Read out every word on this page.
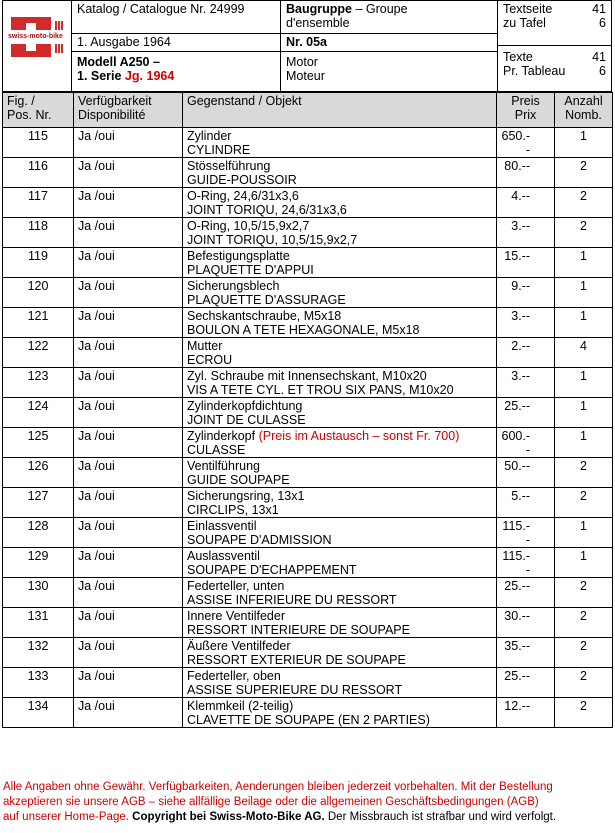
swiss-moto-bike
Katalog / Catalogue Nr. 24999
1. Ausgabe 1964
Modell A250 –
1. Serie Jg. 1964
Baugruppe – Groupe
d'ensemble
Nr. 05a
Motor
Moteur
Textseite	41
zu Tafel	6
Texte	41
Pr. Tableau	6
Fig. /
Pos. Nr.	Verfügbarkeit
Disponibilité	Gegenstand / Objekt	Preis
Prix	Anzahl
Nomb.
115	Ja /oui	Zylinder
CYLINDRE	650.--	1
116	Ja /oui	Stösselführung
GUIDE-POUSSOIR	80.--	2
117	Ja /oui	O-Ring, 24,6/31x3,6
JOINT TORIQU, 24,6/31x3,6	4.--	2
118	Ja /oui	O-Ring, 10,5/15,9x2,7
JOINT TORIQU, 10,5/15,9x2,7	3.--	2
119	Ja /oui	Befestigungsplatte
PLAQUETTE D'APPUI	15.--	1
120	Ja /oui	Sicherungsblech
PLAQUETTE D'ASSURAGE	9.--	1
121	Ja /oui	Sechskantschraube, M5x18
BOULON A TETE HEXAGONALE, M5x18	3.--	1
122	Ja /oui	Mutter
ECROU	2.--	4
123	Ja /oui	Zyl. Schraube mit Innensechskant, M10x20
VIS A TETE CYL. ET TROU SIX PANS, M10x20	3.--	1
124	Ja /oui	Zylinderkopfdichtung
JOINT DE CULASSE	25.--	1
125	Ja /oui	Zylinderkopf (Preis im Austausch – sonst Fr. 700)
CULASSE	600.--	1
126	Ja /oui	Ventilführung
GUIDE SOUPAPE	50.--	2
127	Ja /oui	Sicherungsring, 13x1
CIRCLIPS, 13x1	5.--	2
128	Ja /oui	Einlassventil
SOUPAPE D'ADMISSION	115.--	1
129	Ja /oui	Auslassventil
SOUPAPE D'ECHAPPEMENT	115.--	1
130	Ja /oui	Federteller, unten
ASSISE INFERIEURE DU RESSORT	25.--	2
131	Ja /oui	Innere Ventilfeder
RESSORT INTERIEURE DE SOUPAPE	30.--	2
132	Ja /oui	Äußere Ventilfeder
RESSORT EXTERIEUR DE SOUPAPE	35.--	2
133	Ja /oui	Federteller, oben
ASSISE SUPERIEURE DU RESSORT	25.--	2
134	Ja /oui	Klemmkeil (2-teilig)
CLAVETTE DE SOUPAPE (EN 2 PARTIES)	12.--	2
Alle Angaben ohne Gewähr. Verfügbarkeiten, Aenderungen bleiben jederzeit vorbehalten. Mit der Bestellung
akzeptieren sie unsere AGB – siehe allfällige Beilage oder die allgemeinen Geschäftsbedingungen (AGB)
auf unserer Home-Page. Copyright bei Swiss-Moto-Bike AG. Der Missbrauch ist strafbar und wird verfolgt.
